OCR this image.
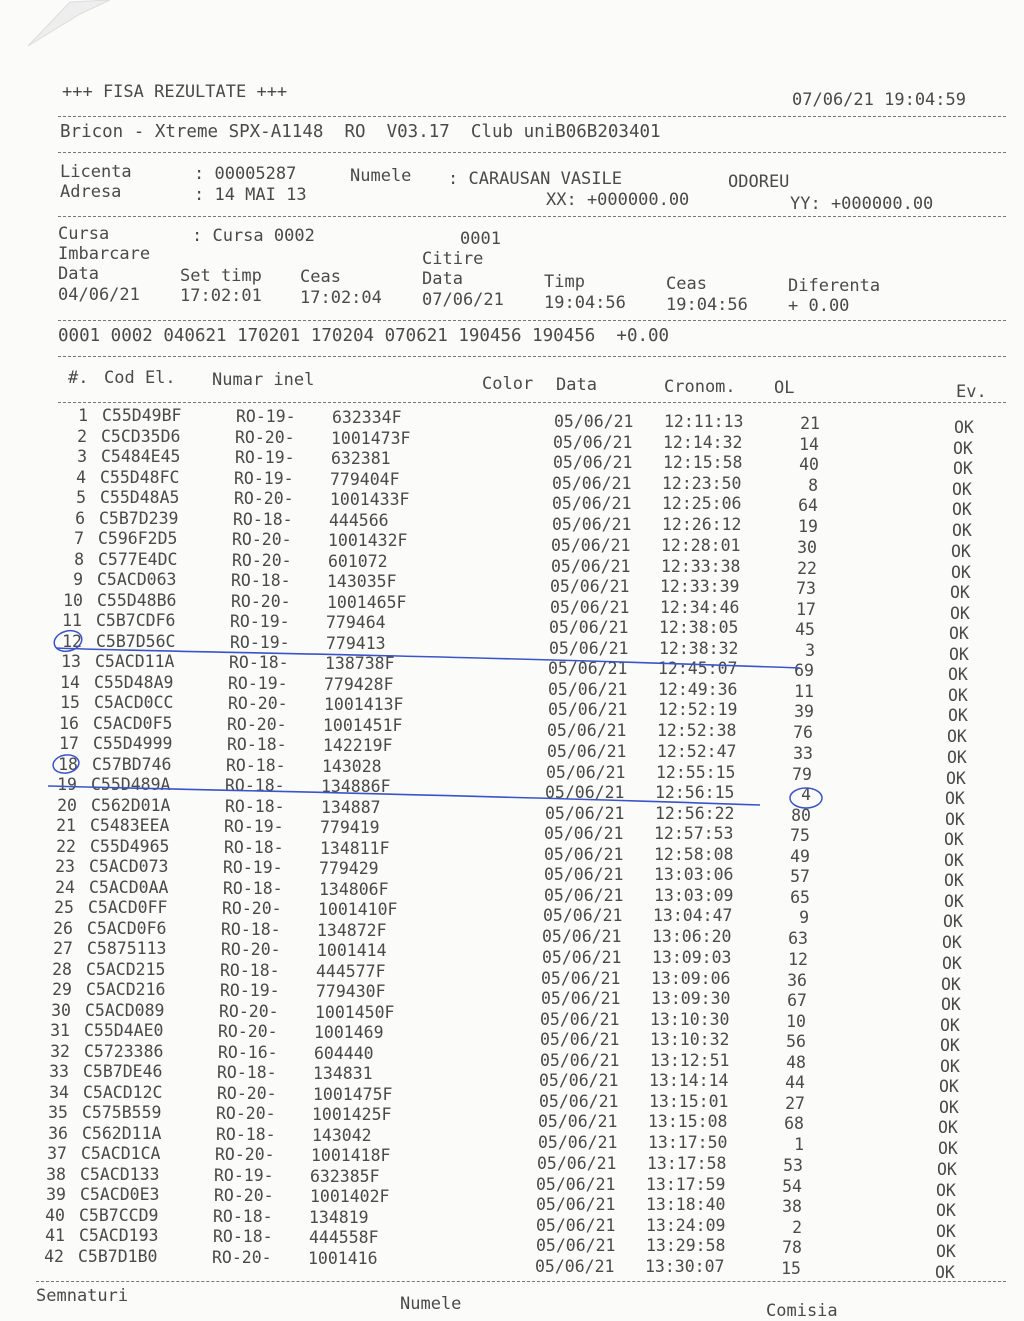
+++ FISA REZULTATE +++	07/06/21 19:04:59
Bricon - Xtreme SPX-A1148  RO  V03.17  Club uniB06B203401
Licenta	: 00005287	Numele : CARAUSAN VASILE	ODOREU
Adresa	: 14 MAI 13	XX: +000000.00	YY: +000000.00
Cursa	: Cursa 0002	0001
Imbarcare	Citire
Data	Set timp Ceas	Data	Timp	Ceas	Diferenta
04/06/21 17:02:01 17:02:04 07/06/21 19:04:56 19:04:56 + 0.00
0001 0002 040621 170201 170204 070621 190456 190456  +0.00
#. Cod El. Numar inel	Color Data	Cronom. OL	Ev.
1 C55D49BF	RO-19- 632334F	05/06/21 12:11:13	21	OK
2 C5CD35D6	RO-20- 1001473F	05/06/21 12:14:32	14	OK
3 C5484E45	RO-19- 632381	05/06/21 12:15:58	40	OK
4 C55D48FC	RO-19- 779404F	05/06/21 12:23:50	8	OK
5 C55D48A5	RO-20- 1001433F	05/06/21 12:25:06	64	OK
6 C5B7D239	RO-18- 444566	05/06/21 12:26:12	19	OK
7 C596F2D5	RO-20- 1001432F	05/06/21 12:28:01	30	OK
8 C577E4DC	RO-20- 601072	05/06/21 12:33:38	22	OK
9 C5ACD063	RO-18- 143035F	05/06/21 12:33:39	73	OK
10 C55D48B6	RO-20- 1001465F	05/06/21 12:34:46	17	OK
11 C5B7CDF6	RO-19- 779464	05/06/21 12:38:05	45	OK
12 C5B7D56C	RO-19- 779413	05/06/21 12:38:32	3	OK
13 C5ACD11A	RO-18- 138738F	05/06/21 12:45:07	69	OK
14 C55D48A9	RO-19- 779428F	05/06/21 12:49:36	11	OK
15 C5ACD0CC	RO-20- 1001413F	05/06/21 12:52:19	39	OK
16 C5ACD0F5	RO-20- 1001451F	05/06/21 12:52:38	76	OK
17 C55D4999	RO-18- 142219F	05/06/21 12:52:47	33	OK
18 C57BD746	RO-18- 143028	05/06/21 12:55:15	79	OK
19 C55D489A	RO-18- 134886F	05/06/21 12:56:15	4	OK
20 C562D01A	RO-18- 134887	05/06/21 12:56:22	80	OK
21 C5483EEA	RO-19- 779419	05/06/21 12:57:53	75	OK
22 C55D4965	RO-18- 134811F	05/06/21 12:58:08	49	OK
23 C5ACD073	RO-19- 779429	05/06/21 13:03:06	57	OK
24 C5ACD0AA	RO-18- 134806F	05/06/21 13:03:09	65	OK
25 C5ACD0FF	RO-20- 1001410F	05/06/21 13:04:47	9	OK
26 C5ACD0F6	RO-18- 134872F	05/06/21 13:06:20	63	OK
27 C5875113	RO-20- 1001414	05/06/21 13:09:03	12	OK
28 C5ACD215	RO-18- 444577F	05/06/21 13:09:06	36	OK
29 C5ACD216	RO-19- 779430F	05/06/21 13:09:30	67	OK
30 C5ACD089	RO-20- 1001450F	05/06/21 13:10:30	10	OK
31 C55D4AE0	RO-20- 1001469	05/06/21 13:10:32	56	OK
32 C5723386	RO-16- 604440	05/06/21 13:12:51	48	OK
33 C5B7DE46	RO-18- 134831	05/06/21 13:14:14	44	OK
34 C5ACD12C	RO-20- 1001475F	05/06/21 13:15:01	27	OK
35 C575B559	RO-20- 1001425F	05/06/21 13:15:08	68	OK
36 C562D11A	RO-18- 143042	05/06/21 13:17:50	1	OK
37 C5ACD1CA	RO-20- 1001418F	05/06/21 13:17:58	53	OK
38 C5ACD133	RO-19- 632385F	05/06/21 13:17:59	54	OK
39 C5ACD0E3	RO-20- 1001402F	05/06/21 13:18:40	38	OK
40 C5B7CCD9	RO-18- 134819	05/06/21 13:24:09	2	OK
41 C5ACD193	RO-18- 444558F	05/06/21 13:29:58	78	OK
42 C5B7D1B0	RO-20- 1001416	05/06/21 13:30:07	15	OK
Semnaturi	Numele	Comisia
